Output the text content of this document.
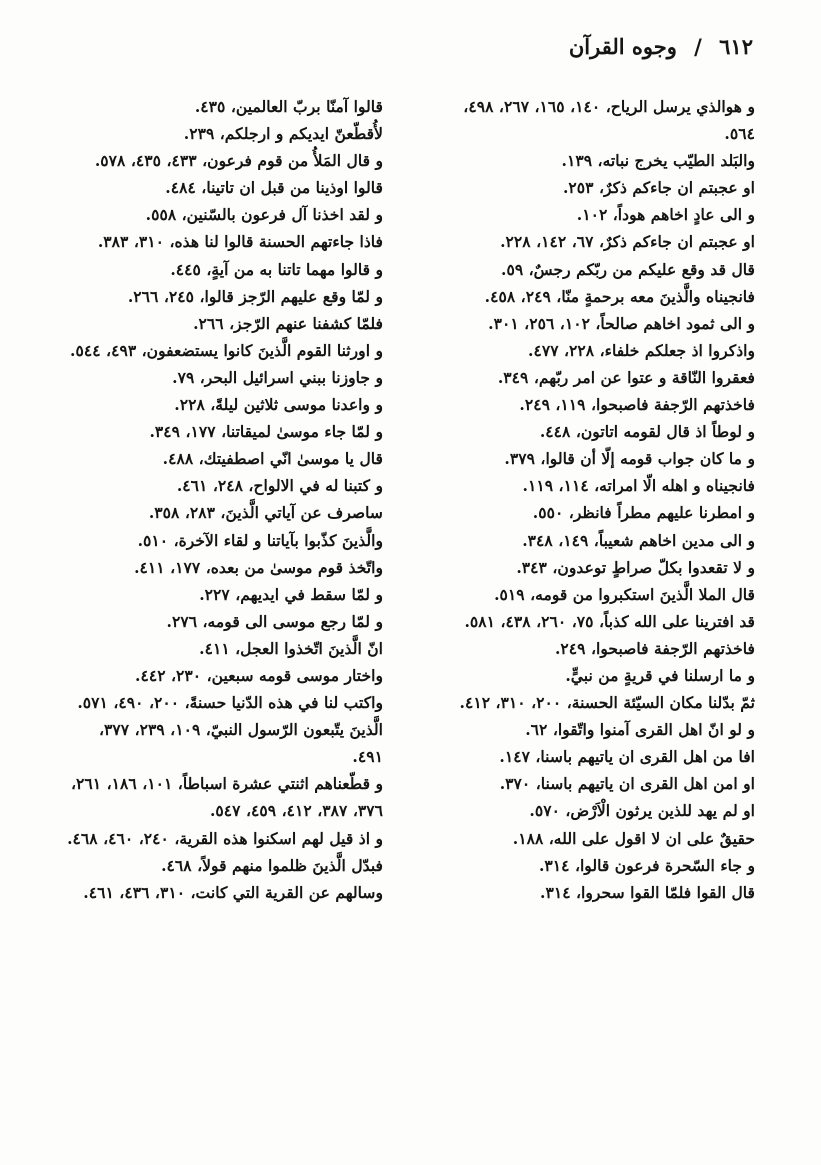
٦١٢ / وجوه القرآن
و هوالذي يرسل الرياح، ١٤٠، ١٦٥، ٢٦٧، ٤٩٨،
٥٦٤.
والبَلد الطيّب يخرج نباته، ١٣٩.
او عجبتم ان جاءكم ذكرٌ، ٢٥٣.
و الى عادٍ اخاهم هوداً، ١٠٢.
او عجبتم ان جاءكم ذكرٌ، ٦٧، ١٤٢، ٢٢٨.
قال قد وقع عليكم من ربّكم رجسٌ، ٥٩.
فانجيناه والَّذينَ معه برحمةٍ منّا، ٢٤٩، ٤٥٨.
و الى ثمود اخاهم صالحاً، ١٠٢، ٢٥٦، ٣٠١.
واذكروا اذ جعلكم خلفاء، ٢٢٨، ٤٧٧.
فعقروا النّاقة و عتوا عن امر ربّهم، ٣٤٩.
فاخذتهم الرّجفة فاصبحوا، ١١٩، ٢٤٩.
و لوطاً اذ قال لقومه اتاتون، ٤٤٨.
و ما كان جواب قومه إلّا أن قالوا، ٣٧٩.
فانجيناه و اهله الّا امراته، ١١٤، ١١٩.
و امطرنا عليهم مطراً فانظر، ٥٥٠.
و الى مدين اخاهم شعيباً، ١٤٩، ٣٤٨.
و لا تقعدوا بكلّ صراطٍ توعدون، ٣٤٣.
قال الملا الَّذينَ استكبروا من قومه، ٥١٩.
قد افترينا على الله كذباً، ٧٥، ٢٦٠، ٤٣٨، ٥٨١.
فاخذتهم الرّجفة فاصبحوا، ٢٤٩.
و ما ارسلنا في قريةٍ من نبيٍّ.
ثمّ بدّلنا مكان السيّئة الحسنة، ٢٠٠، ٣١٠، ٤١٢.
و لو انّ اهل القرى آمنوا واتّقوا، ٦٢.
افا من اهل القرى ان ياتيهم باسنا، ١٤٧.
او امن اهل القرى ان ياتيهم باسنا، ٣٧٠.
او لم يهد للذين يرثون الْاَرْض، ٥٧٠.
حقيقٌ على ان لا اقول على الله، ١٨٨.
و جاء السّحرة فرعون قالوا، ٣١٤.
قال القوا فلمّا القوا سحروا، ٣١٤.
قالوا آمنّا بربّ العالمين، ٤٣٥.
لأُقطّعنّ ايديكم و ارجلكم، ٢٣٩.
و قال المَلأُ من قوم فرعون، ٤٣٣، ٤٣٥، ٥٧٨.
قالوا اوذينا من قبل ان تاتينا، ٤٨٤.
و لقد اخذنا آل فرعون بالسّنين، ٥٥٨.
فاذا جاءتهم الحسنة قالوا لنا هذه، ٣١٠، ٣٨٣.
و قالوا مهما تاتنا به من آيةٍ، ٤٤٥.
و لمّا وقع عليهم الرّجز قالوا، ٢٤٥، ٢٦٦.
فلمّا كشفنا عنهم الرّجز، ٢٦٦.
و اورثنا القوم الَّذينَ كانوا يستضعفون، ٤٩٣، ٥٤٤.
و جاوزنا ببني اسرائيل البحر، ٧٩.
و واعدنا موسى ثلاثين ليلةً، ٢٢٨.
و لمّا جاء موسىٰ لميقاتنا، ١٧٧، ٣٤٩.
قال يا موسىٰ انّي اصطفيتك، ٤٨٨.
و كتبنا له في الالواح، ٢٤٨، ٤٦١.
ساصرف عن آياتي الَّذينَ، ٢٨٣، ٣٥٨.
والَّذينَ كذّبوا بآياتنا و لقاء الآخرة، ٥١٠.
واتّخذ قوم موسىٰ من بعده، ١٧٧، ٤١١.
و لمّا سقط في ايديهم، ٢٢٧.
و لمّا رجع موسى الى قومه، ٢٧٦.
انّ الَّذينَ اتّخذوا العجل، ٤١١.
واختار موسى قومه سبعين، ٢٣٠، ٤٤٢.
واكتب لنا في هذه الدّنيا حسنةً، ٢٠٠، ٤٩٠، ٥٧١.
الَّذينَ يتّبعون الرّسول النبيّ، ١٠٩، ٢٣٩، ٣٧٧،
٤٩١.
و قطّعناهم اثنتي عشرة اسباطاً، ١٠١، ١٨٦، ٢٦١،
٣٧٦، ٣٨٧، ٤١٢، ٤٥٩، ٥٤٧.
و اذ قيل لهم اسكنوا هذه القرية، ٢٤٠، ٤٦٠، ٤٦٨.
فبدّل الَّذينَ ظلموا منهم قولاً، ٤٦٨.
وسالهم عن القرية التي كانت، ٣١٠، ٤٣٦، ٤٦١.
